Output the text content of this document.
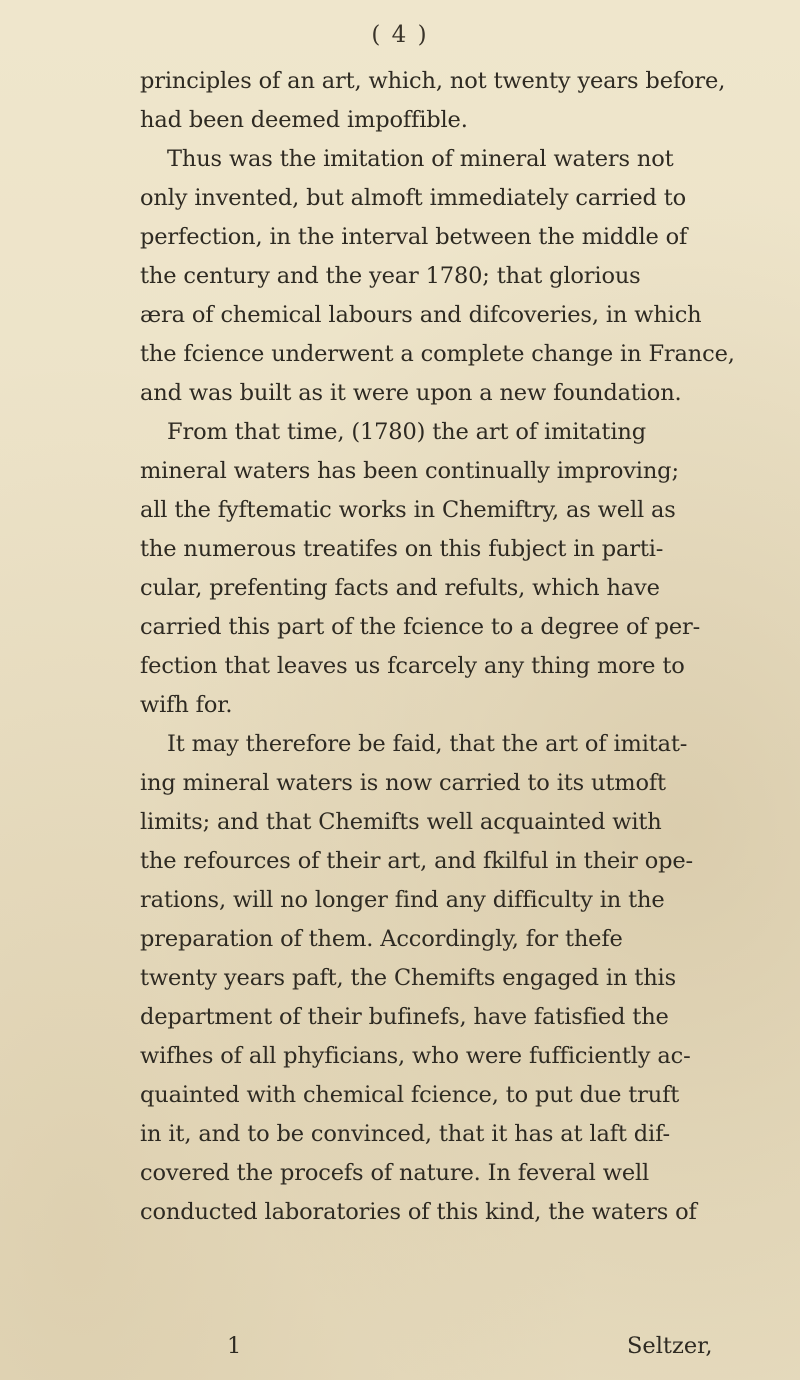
( 4 )
principles of an art, which, not twenty years before,
had been deemed impoffible.
Thus was the imitation of mineral waters not
only invented, but almoft immediately carried to
perfection, in the interval between the middle of
the century and the year 1780; that glorious
æra of chemical labours and difcoveries, in which
the fcience underwent a complete change in France,
and was built as it were upon a new foundation.
From that time, (1780) the art of imitating
mineral waters has been continually improving;
all the fyftematic works in Chemiftry, as well as
the numerous treatifes on this fubject in parti-
cular, prefenting facts and refults, which have
carried this part of the fcience to a degree of per-
fection that leaves us fcarcely any thing more to
wifh for.
It may therefore be faid, that the art of imitat-
ing mineral waters is now carried to its utmoft
limits; and that Chemifts well acquainted with
the refources of their art, and fkilful in their ope-
rations, will no longer find any difficulty in the
preparation of them. Accordingly, for thefe
twenty years paft, the Chemifts engaged in this
department of their bufinefs, have fatisfied the
wifhes of all phyficians, who were fufficiently ac-
quainted with chemical fcience, to put due truft
in it, and to be convinced, that it has at laft dif-
covered the procefs of nature. In feveral well
conducted laboratories of this kind, the waters of
1	Seltzer,
